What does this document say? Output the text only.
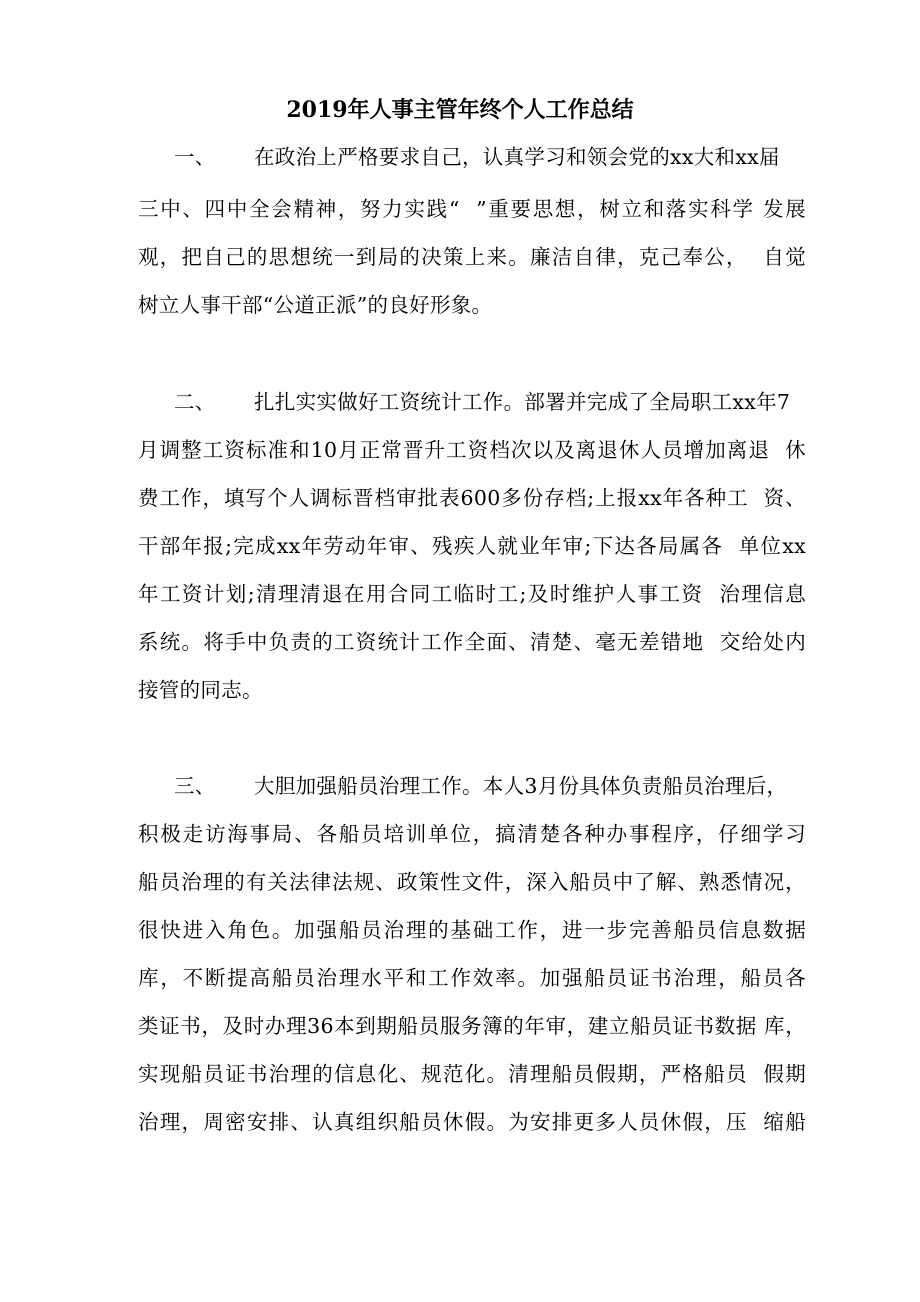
2019年人事主管年终个人工作总结
一、 在政治上严格要求自己，认真学习和领会党的xx大和xx届
三中、四中全会精神，努力实践“  ”重要思想，树立和落实科学 发展
观，把自己的思想统一到局的决策上来。廉洁自律，克己奉公，  自觉
树立人事干部“公道正派”的良好形象。
二、 扎扎实实做好工资统计工作。部署并完成了全局职工xx年7
月调整工资标准和10月正常晋升工资档次以及离退休人员增加离退  休
费工作，填写个人调标晋档审批表600多份存档;上报xx年各种工  资、
干部年报;完成xx年劳动年审、残疾人就业年审;下达各局属各  单位xx
年工资计划;清理清退在用合同工临时工;及时维护人事工资  治理信息
系统。将手中负责的工资统计工作全面、清楚、毫无差错地  交给处内
接管的同志。
三、 大胆加强船员治理工作。本人3月份具体负责船员治理后，
积极走访海事局、各船员培训单位，搞清楚各种办事程序，仔细学习
船员治理的有关法律法规、政策性文件，深入船员中了解、熟悉情况，
很快进入角色。加强船员治理的基础工作，进一步完善船员信息数据
库，不断提高船员治理水平和工作效率。加强船员证书治理，船员各
类证书，及时办理36本到期船员服务簿的年审，建立船员证书数据 库，
实现船员证书治理的信息化、规范化。清理船员假期，严格船员  假期
治理，周密安排、认真组织船员休假。为安排更多人员休假，压  缩船
